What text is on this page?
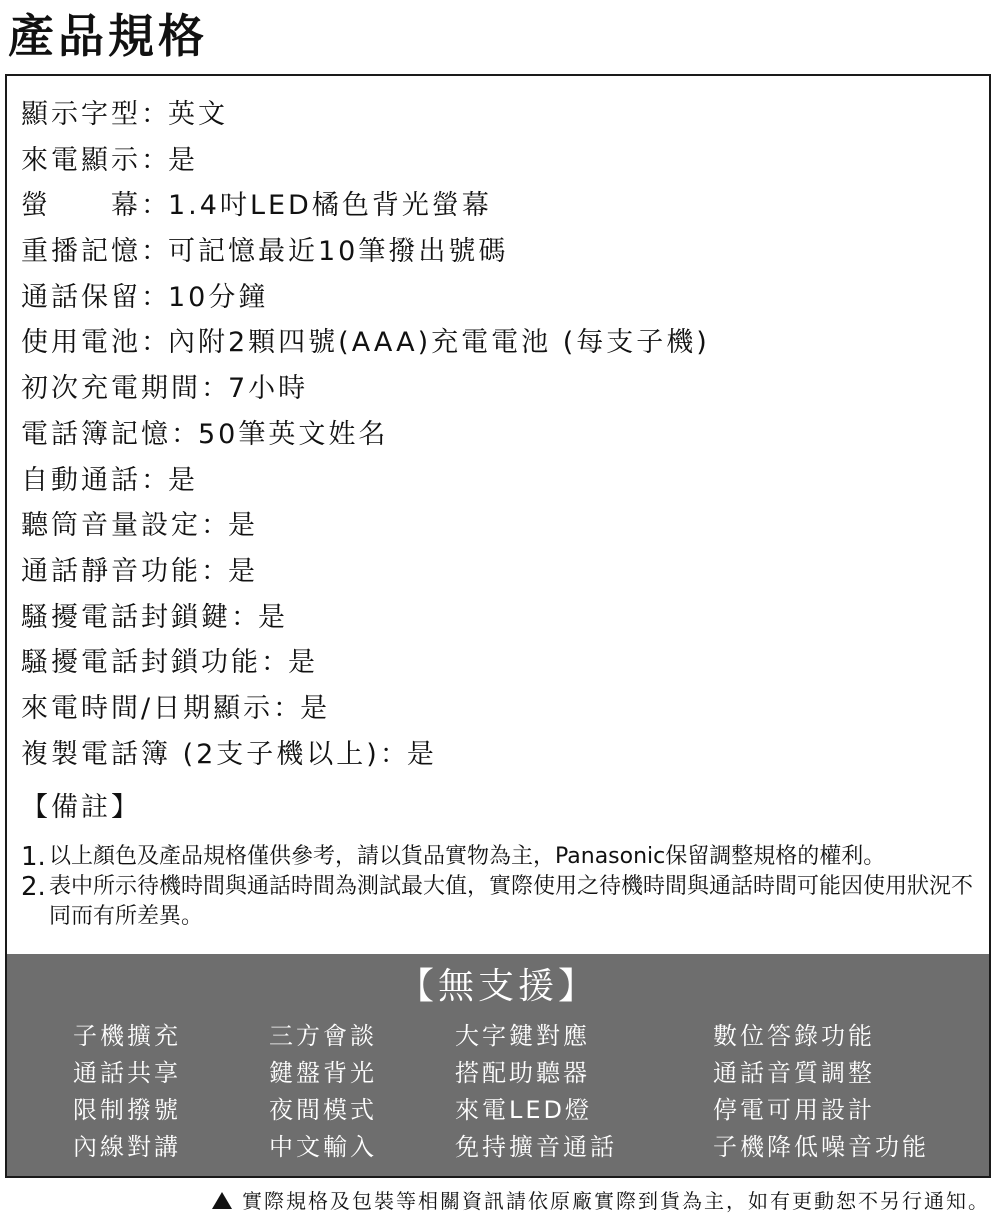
產品規格
顯示字型：英文
來電顯示：是
螢　　幕：1.4吋LED橘色背光螢幕
重播記憶：可記憶最近10筆撥出號碼
通話保留：10分鐘
使用電池：內附2顆四號(AAA)充電電池 (每支子機)
初次充電期間：7小時
電話簿記憶：50筆英文姓名
自動通話：是
聽筒音量設定：是
通話靜音功能：是
騷擾電話封鎖鍵：是
騷擾電話封鎖功能：是
來電時間/日期顯示：是
複製電話簿 (2支子機以上)：是
【備註】
1. 以上顏色及產品規格僅供參考，請以貨品實物為主，Panasonic保留調整規格的權利。
2. 表中所示待機時間與通話時間為測試最大值，實際使用之待機時間與通話時間可能因使用狀況不同而有所差異。
【無支援】
子機擴充
通話共享
限制撥號
內線對講
三方會談
鍵盤背光
夜間模式
中文輸入
大字鍵對應
搭配助聽器
來電LED燈
免持擴音通話
數位答錄功能
通話音質調整
停電可用設計
子機降低噪音功能
實際規格及包裝等相關資訊請依原廠實際到貨為主，如有更動恕不另行通知。
